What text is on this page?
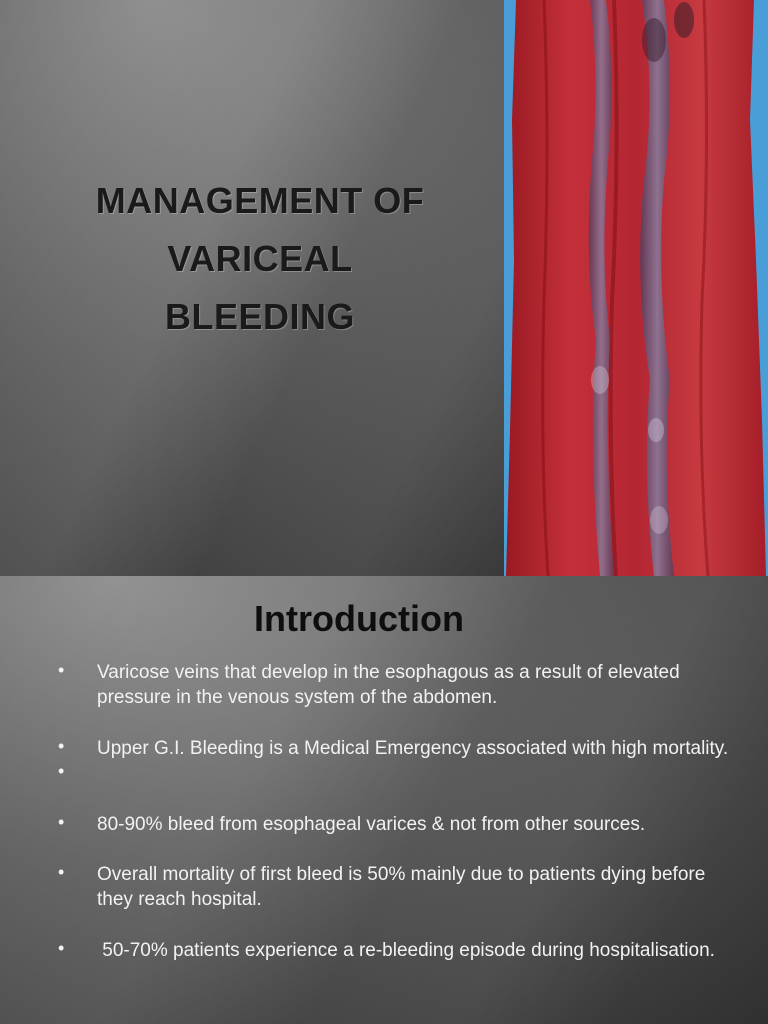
MANAGEMENT OF
VARICEAL
BLEEDING
Introduction
• Varicose veins that develop in the esophagous as a result of elevated pressure in the venous system of the abdomen.
•
•
Upper G.I. Bleeding is a Medical Emergency associated with high mortality.
• 80-90% bleed from esophageal varices & not from other sources.
• Overall mortality of first bleed is 50% mainly due to patients dying before they reach hospital.
• 50-70% patients experience a re-bleeding episode during hospitalisation.
